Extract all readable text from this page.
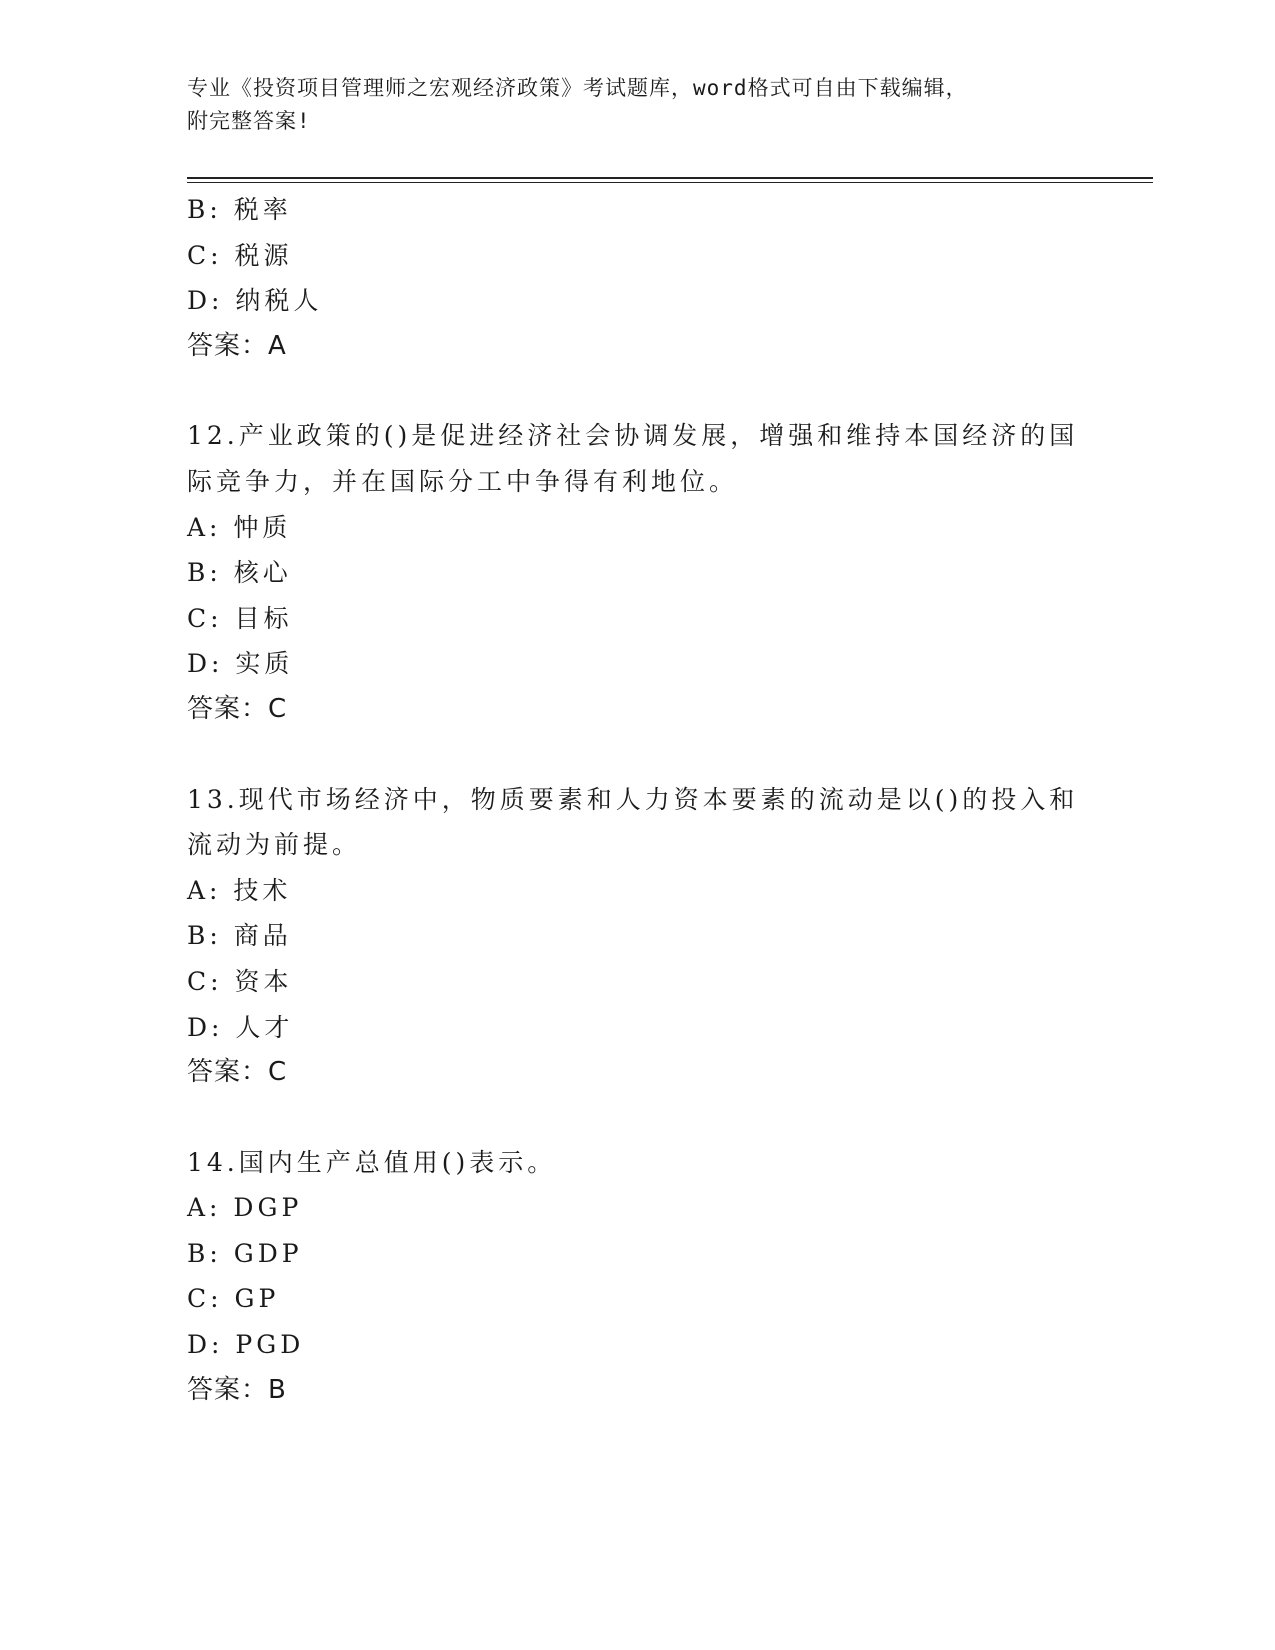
专业《投资项目管理师之宏观经济政策》考试题库，word格式可自由下载编辑，
附完整答案!
B: 税率
C: 税源
D: 纳税人
答案：A
12.产业政策的()是促进经济社会协调发展，增强和维持本国经济的国
际竞争力，并在国际分工中争得有利地位。
A: 忡质
B: 核心
C: 目标
D: 实质
答案：C
13.现代市场经济中，物质要素和人力资本要素的流动是以()的投入和
流动为前提。
A: 技术
B: 商品
C: 资本
D: 人才
答案：C
14.国内生产总值用()表示。
A: DGP
B: GDP
C: GP
D: PGD
答案：B
